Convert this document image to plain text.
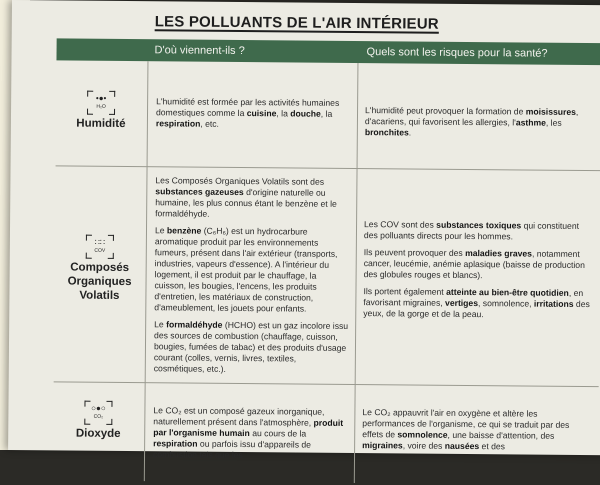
LES POLLUANTS DE L'AIR INTÉRIEUR
D'où viennent-ils ?	Quels sont les risques pour la santé?
•●•
H₂O
Humidité

L'humidité est formée par les activités humaines domestiques comme la cuisine, la douche, la respiration, etc.

L'humidité peut provoquer la formation de moisissures, d'acariens, qui favorisent les allergies, l'asthme, les bronchites.

∷∷
COV
Composés Organiques Volatils

Les Composés Organiques Volatils sont des substances gazeuses d'origine naturelle ou humaine, les plus connus étant le benzène et le formaldéhyde.

Le benzène (C₆H₆) est un hydrocarbure aromatique produit par les environnements fumeurs, présent dans l'air extérieur (transports, industries, vapeurs d'essence). A l'intérieur du logement, il est produit par le chauffage, la cuisson, les bougies, l'encens, les produits d'entretien, les matériaux de construction, d'ameublement, les jouets pour enfants.

Le formaldéhyde (HCHO) est un gaz incolore issu des sources de combustion (chauffage, cuisson, bougies, fumées de tabac) et des produits d'usage courant (colles, vernis, livres, textiles, cosmétiques, etc.).

Les COV sont des substances toxiques qui constituent des polluants directs pour les hommes.

Ils peuvent provoquer des maladies graves, notamment cancer, leucémie, anémie aplasique (baisse de production des globules rouges et blancs).

Ils portent également atteinte au bien-être quotidien, en favorisant migraines, vertiges, somnolence, irritations des yeux, de la gorge et de la peau.

○●○
CO₂
Dioxyde

Le CO₂ est un composé gazeux inorganique, naturellement présent dans l'atmosphère, produit par l'organisme humain au cours de la respiration ou parfois issu d'appareils de combustion tels que les

Le CO₂ appauvrit l'air en oxygène et altère les performances de l'organisme, ce qui se traduit par des effets de somnolence, une baisse d'attention, des migraines, voire des nausées et des
